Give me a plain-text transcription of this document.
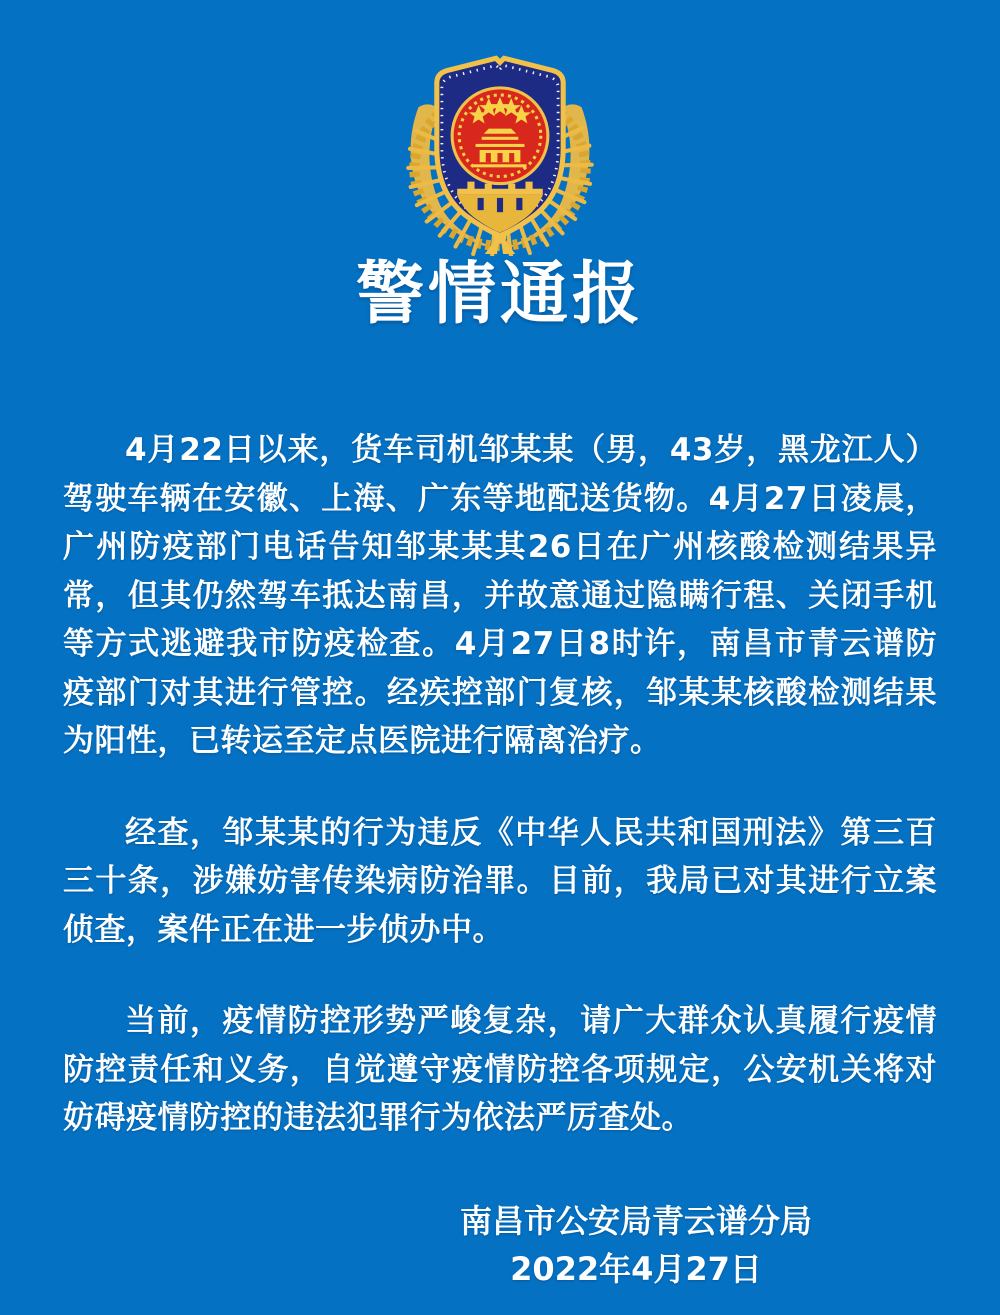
警情通报

4月22日以来，货车司机邹某某（男，43岁，黑龙江人）驾驶车辆在安徽、上海、广东等地配送货物。4月27日凌晨，广州防疫部门电话告知邹某某其26日在广州核酸检测结果异常，但其仍然驾车抵达南昌，并故意通过隐瞒行程、关闭手机等方式逃避我市防疫检查。4月27日8时许，南昌市青云谱防疫部门对其进行管控。经疾控部门复核，邹某某核酸检测结果为阳性，已转运至定点医院进行隔离治疗。

经查，邹某某的行为违反《中华人民共和国刑法》第三百三十条，涉嫌妨害传染病防治罪。目前，我局已对其进行立案侦查，案件正在进一步侦办中。

当前，疫情防控形势严峻复杂，请广大群众认真履行疫情防控责任和义务，自觉遵守疫情防控各项规定，公安机关将对妨碍疫情防控的违法犯罪行为依法严厉查处。

南昌市公安局青云谱分局
2022年4月27日
